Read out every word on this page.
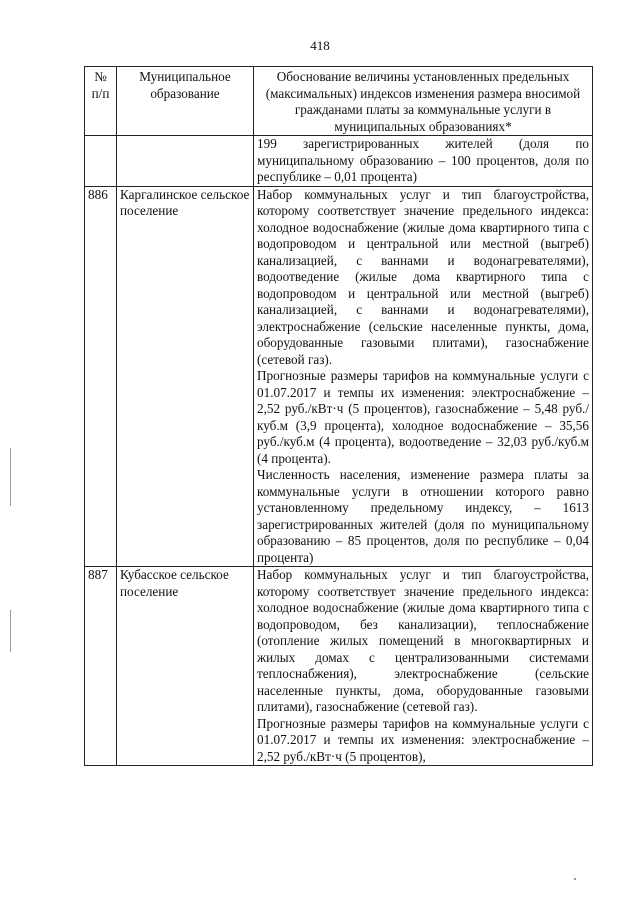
418
№ п/п	Муниципальное образование	Обоснование величины установленных предельных (максимальных) индексов изменения размера вносимой гражданами платы за коммунальные услуги в муниципальных образованиях*

		199 зарегистрированных жителей (доля по муниципальному образованию – 100 процентов, доля по республике – 0,01 процента)

886	Каргалинское сельское поселение	Набор коммунальных услуг и тип благоустройства, которому соответствует значение предельного индекса: холодное водоснабжение (жилые дома квартирного типа с водопроводом и центральной или местной (выгреб) канализацией, с ваннами и водонагревателями), водоотведение (жилые дома квартирного типа с водопроводом и центральной или местной (выгреб) канализацией, с ваннами и водонагревателями), электроснабжение (сельские населенные пункты, дома, оборудованные газовыми плитами), газоснабжение (сетевой газ).

Прогнозные размеры тарифов на коммунальные услуги с 01.07.2017 и темпы их изменения: электроснабжение – 2,52 руб./кВт·ч (5 процентов), газоснабжение – 5,48 руб./куб.м (3,9 процента), холодное водоснабжение – 35,56 руб./куб.м (4 процента), водоотведение – 32,03 руб./куб.м (4 процента).

Численность населения, изменение размера платы за коммунальные услуги в отношении которого равно установленному предельному индексу, – 1613 зарегистрированных жителей (доля по муниципальному образованию – 85 процентов, доля по республике – 0,04 процента)

887	Кубасское сельское поселение	Набор коммунальных услуг и тип благоустройства, которому соответствует значение предельного индекса: холодное водоснабжение (жилые дома квартирного типа с водопроводом, без канализации), теплоснабжение (отопление жилых помещений в многоквартирных и жилых домах с централизованными системами теплоснабжения), электроснабжение (сельские населенные пункты, дома, оборудованные газовыми плитами), газоснабжение (сетевой газ).

Прогнозные размеры тарифов на коммунальные услуги с 01.07.2017 и темпы их изменения: электроснабжение – 2,52 руб./кВт·ч (5 процентов),
